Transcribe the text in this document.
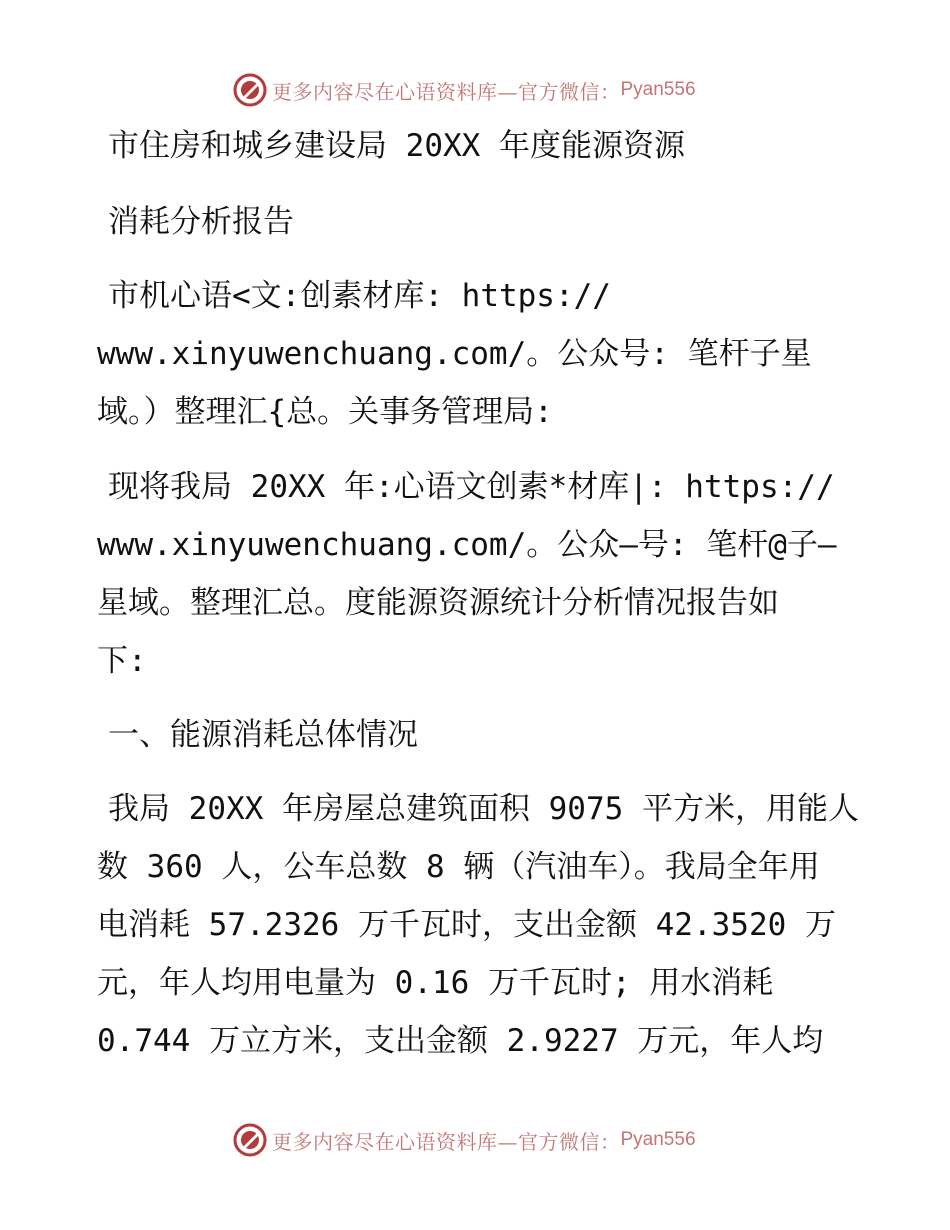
更多内容尽在心语资料库—官方微信： Pyan556
市住房和城乡建设局 20XX 年度能源资源
消耗分析报告
市机心语<文:创素材库: https://
www.xinyuwenchuang.com/。公众号: 笔杆子星
域。）整理汇{总。关事务管理局:
现将我局 20XX 年:心语文创素*材库|: https://
www.xinyuwenchuang.com/。公众—号: 笔杆@子—
星域。整理汇总。度能源资源统计分析情况报告如
下:
一、能源消耗总体情况
我局 20XX 年房屋总建筑面积 9075 平方米，用能人
数 360 人，公车总数 8 辆（汽油车）。我局全年用
电消耗 57.2326 万千瓦时，支出金额 42.3520 万
元，年人均用电量为 0.16 万千瓦时; 用水消耗
0.744 万立方米，支出金额 2.9227 万元，年人均
更多内容尽在心语资料库—官方微信： Pyan556
